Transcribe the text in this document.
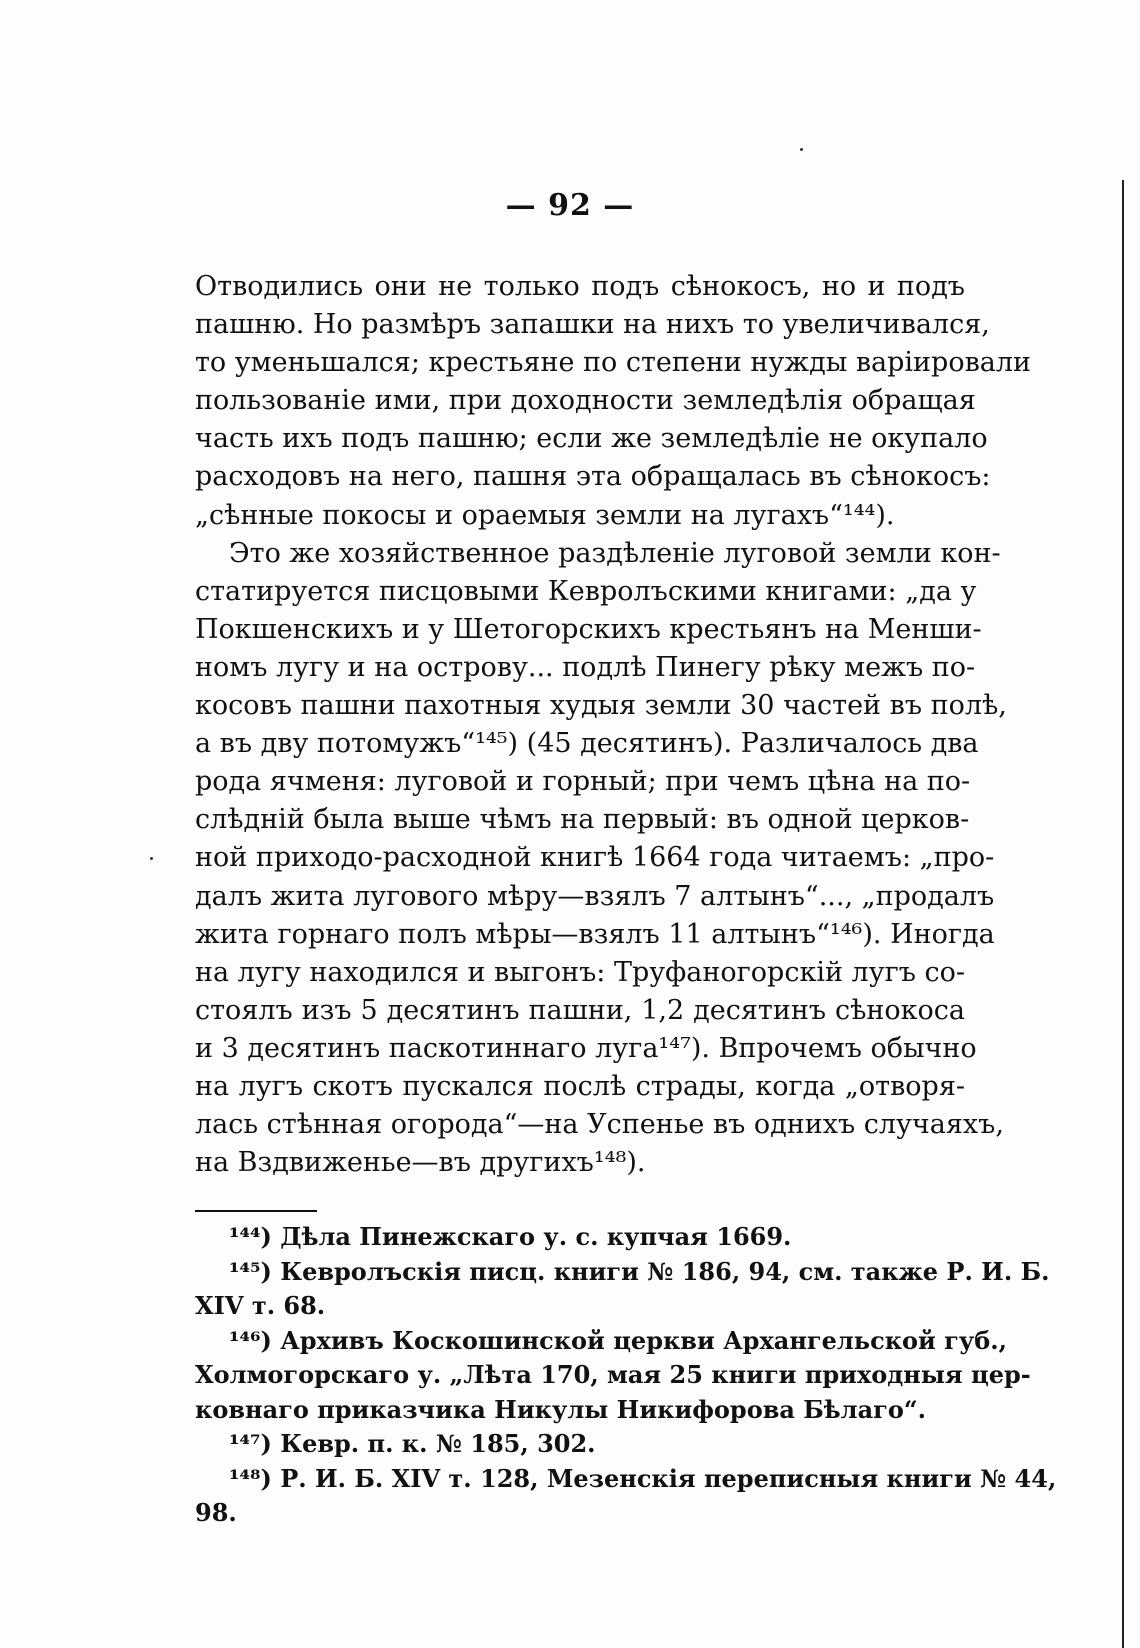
— 92 —
Отводились они не только подъ сѣнокосъ, но и подъ
пашню. Но размѣръ запашки на нихъ то увеличивался,
то уменьшался; крестьяне по степени нужды варіировали
пользованіе ими, при доходности земледѣлія обращая
часть ихъ подъ пашню; если же земледѣліе не окупало
расходовъ на него, пашня эта обращалась въ сѣнокосъ:
„сѣнные покосы и ораемыя земли на лугахъ“¹⁴⁴).
Это же хозяйственное раздѣленіе луговой земли кон-
статируется писцовыми Кевролъскими книгами: „да у
Покшенскихъ и у Шетогорскихъ крестьянъ на Менши-
номъ лугу и на острову... подлѣ Пинегу рѣку межъ по-
косовъ пашни пахотныя худыя земли 30 частей въ полѣ,
а въ дву потомужъ“¹⁴⁵) (45 десятинъ). Различалось два
рода ячменя: луговой и горный; при чемъ цѣна на по-
слѣдній была выше чѣмъ на первый: въ одной церков-
ной приходо-расходной книгѣ 1664 года читаемъ: „про-
далъ жита лугового мѣру—взялъ 7 алтынъ“..., „продалъ
жита горнаго полъ мѣры—взялъ 11 алтынъ“¹⁴⁶). Иногда
на лугу находился и выгонъ: Труфаногорскій лугъ со-
стоялъ изъ 5 десятинъ пашни, 1,2 десятинъ сѣнокоса
и 3 десятинъ паскотиннаго луга¹⁴⁷). Впрочемъ обычно
на лугъ скотъ пускался послѣ страды, когда „отворя-
лась стѣнная огорода“—на Успенье въ однихъ случаяхъ,
на Вздвиженье—въ другихъ¹⁴⁸).
¹⁴⁴) Дѣла Пинежскаго у. с. купчая 1669.
¹⁴⁵) Кевролъскія писц. книги № 186, 94, см. также Р. И. Б.
XIV т. 68.
¹⁴⁶) Архивъ Коскошинской церкви Архангельской губ.,
Холмогорскаго у. „Лѣта 170, мая 25 книги приходныя цер-
ковнаго приказчика Никулы Никифорова Бѣлаго“.
¹⁴⁷) Кевр. п. к. № 185, 302.
¹⁴⁸) Р. И. Б. XIV т. 128, Мезенскія переписныя книги № 44,
98.
